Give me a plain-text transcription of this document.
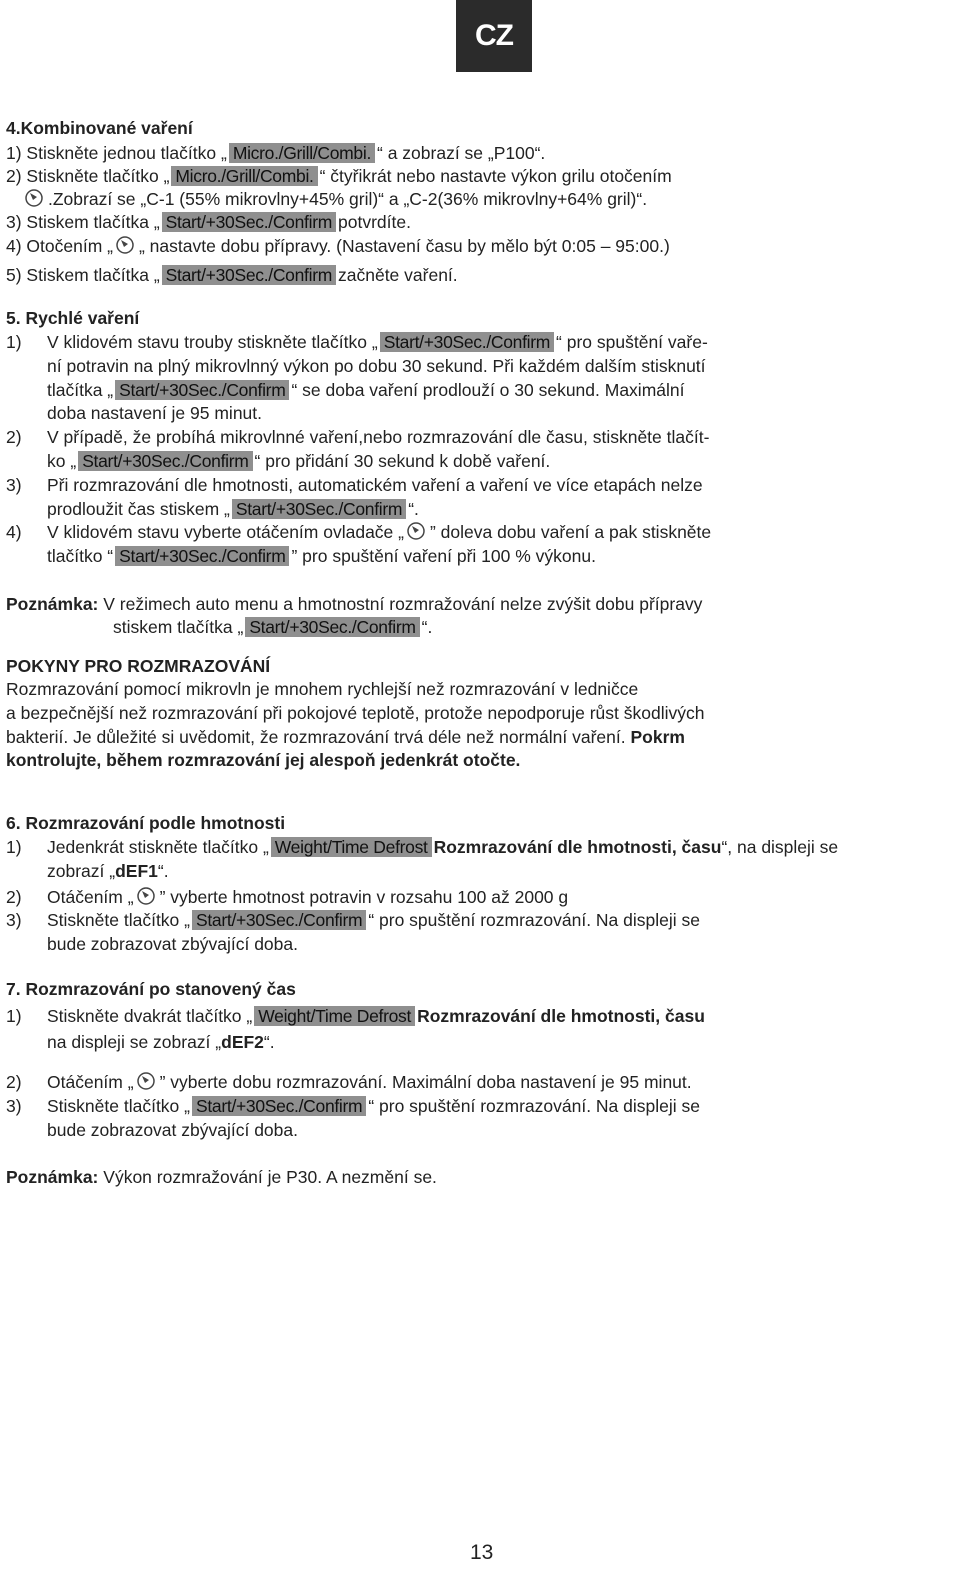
CZ
4.Kombinované vaření
1) Stiskněte jednou tlačítko „ Micro./Grill/Combi. “ a zobrazí se „P100“.
2) Stiskněte tlačítko „ Micro./Grill/Combi. “ čtyřikrát nebo nastavte výkon grilu otočením
.Zobrazí se „C-1 (55% mikrovlny+45% gril)“ a „C-2(36% mikrovlny+64% gril)“.
3) Stiskem tlačítka „ Start/+30Sec./Confirm potvrdíte.
4) Otočením „ „ nastavte dobu přípravy. (Nastavení času by mělo být 0:05 – 95:00.)
5) Stiskem tlačítka „ Start/+30Sec./Confirm začněte vaření.
5. Rychlé vaření
1) V klidovém stavu trouby stiskněte tlačítko „ Start/+30Sec./Confirm “ pro spuštění vaře-
ní potravin na plný mikrovlnný výkon po dobu 30 sekund. Při každém dalším stisknutí
tlačítka „ Start/+30Sec./Confirm “ se doba vaření prodlouží o 30 sekund. Maximální
doba nastavení je 95 minut.
2) V případě, že probíhá mikrovlnné vaření,nebo rozmrazování dle času, stiskněte tlačít-
ko „ Start/+30Sec./Confirm “ pro přidání 30 sekund k době vaření.
3) Při rozmrazování dle hmotnosti, automatickém vaření a vaření ve více etapách nelze
prodloužit čas stiskem „ Start/+30Sec./Confirm “.
4) V klidovém stavu vyberte otáčením ovladače „ ” doleva dobu vaření a pak stiskněte
tlačítko “ Start/+30Sec./Confirm ” pro spuštění vaření při 100 % výkonu.
Poznámka: V režimech auto menu a hmotnostní rozmražování nelze zvýšit dobu přípravy
stiskem tlačítka „ Start/+30Sec./Confirm “.
POKYNY PRO ROZMRAZOVÁNÍ
Rozmrazování pomocí mikrovln je mnohem rychlejší než rozmrazování v ledničce
a bezpečnější než rozmrazování při pokojové teplotě, protože nepodporuje růst škodlivých
bakterií. Je důležité si uvědomit, že rozmrazování trvá déle než normální vaření. Pokrm
kontrolujte, během rozmrazování jej alespoň jedenkrát otočte.
6. Rozmrazování podle hmotnosti
1) Jedenkrát stiskněte tlačítko „ Weight/Time Defrost Rozmrazování dle hmotnosti, času“, na displeji se
zobrazí „dEF1“.
2) Otáčením „ ” vyberte hmotnost potravin v rozsahu 100 až 2000 g
3) Stiskněte tlačítko „ Start/+30Sec./Confirm “ pro spuštění rozmrazování. Na displeji se
bude zobrazovat zbývající doba.
7. Rozmrazování po stanovený čas
1) Stiskněte dvakrát tlačítko „ Weight/Time Defrost Rozmrazování dle hmotnosti, času
na displeji se zobrazí „dEF2“.
2) Otáčením „ ” vyberte dobu rozmrazování. Maximální doba nastavení je 95 minut.
3) Stiskněte tlačítko „ Start/+30Sec./Confirm “ pro spuštění rozmrazování. Na displeji se
bude zobrazovat zbývající doba.
Poznámka: Výkon rozmražování je P30. A nezmění se.
13
